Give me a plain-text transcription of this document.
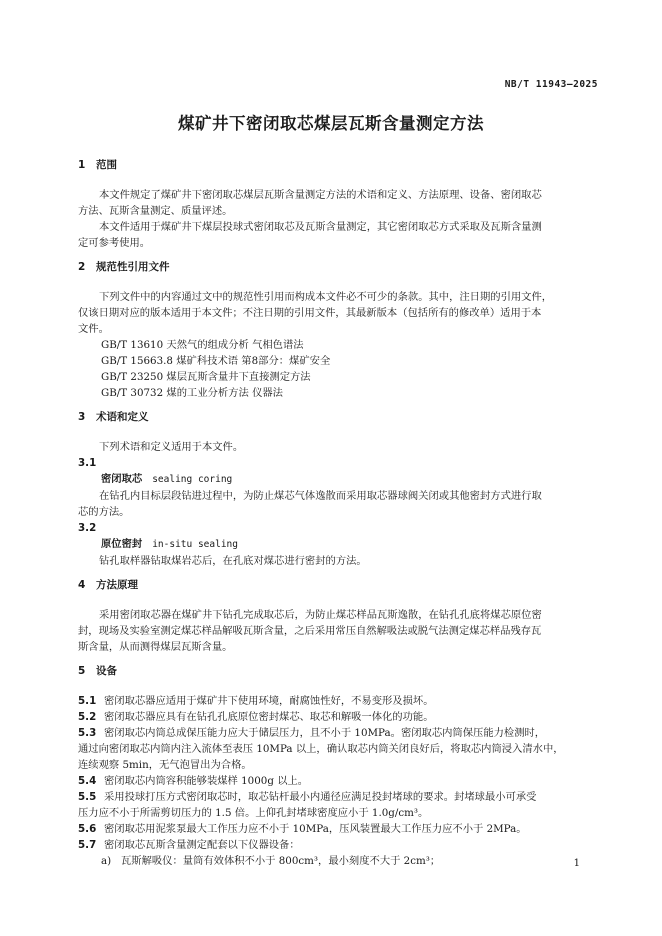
NB/T 11943—2025
煤矿井下密闭取芯煤层瓦斯含量测定方法
1 范围
本文件规定了煤矿井下密闭取芯煤层瓦斯含量测定方法的术语和定义、方法原理、设备、密闭取芯
方法、瓦斯含量测定、质量评述。
本文件适用于煤矿井下煤层投球式密闭取芯及瓦斯含量测定，其它密闭取芯方式采取及瓦斯含量测
定可参考使用。
2 规范性引用文件
下列文件中的内容通过文中的规范性引用而构成本文件必不可少的条款。其中，注日期的引用文件，
仅该日期对应的版本适用于本文件；不注日期的引用文件，其最新版本（包括所有的修改单）适用于本
文件。
GB/T 13610 天然气的组成分析 气相色谱法
GB/T 15663.8 煤矿科技术语 第8部分：煤矿安全
GB/T 23250 煤层瓦斯含量井下直接测定方法
GB/T 30732 煤的工业分析方法 仪器法
3 术语和定义
下列术语和定义适用于本文件。
3.1
密闭取芯 sealing coring
在钻孔内目标层段钻进过程中，为防止煤芯气体逸散而采用取芯器球阀关闭或其他密封方式进行取
芯的方法。
3.2
原位密封 in-situ sealing
钻孔取样器钻取煤岩芯后，在孔底对煤芯进行密封的方法。
4 方法原理
采用密闭取芯器在煤矿井下钻孔完成取芯后，为防止煤芯样品瓦斯逸散，在钻孔孔底将煤芯原位密
封，现场及实验室测定煤芯样品解吸瓦斯含量，之后采用常压自然解吸法或脱气法测定煤芯样品残存瓦
斯含量，从而测得煤层瓦斯含量。
5 设备
5.1 密闭取芯器应适用于煤矿井下使用环境，耐腐蚀性好，不易变形及损坏。
5.2 密闭取芯器应具有在钻孔孔底原位密封煤芯、取芯和解吸一体化的功能。
5.3 密闭取芯内筒总成保压能力应大于储层压力，且不小于 10MPa。密闭取芯内筒保压能力检测时，
通过向密闭取芯内筒内注入流体至表压 10MPa 以上，确认取芯内筒关闭良好后，将取芯内筒浸入清水中，
连续观察 5min，无气泡冒出为合格。
5.4 密闭取芯内筒容积能够装煤样 1000g 以上。
5.5 采用投球打压方式密闭取芯时，取芯钻杆最小内通径应满足投封堵球的要求。封堵球最小可承受
压力应不小于所需剪切压力的 1.5 倍。上仰孔封堵球密度应小于 1.0g/cm³。
5.6 密闭取芯用泥浆泵最大工作压力应不小于 10MPa，压风装置最大工作压力应不小于 2MPa。
5.7 密闭取芯瓦斯含量测定配套以下仪器设备：
a) 瓦斯解吸仪：量筒有效体积不小于 800cm³，最小刻度不大于 2cm³；	1
